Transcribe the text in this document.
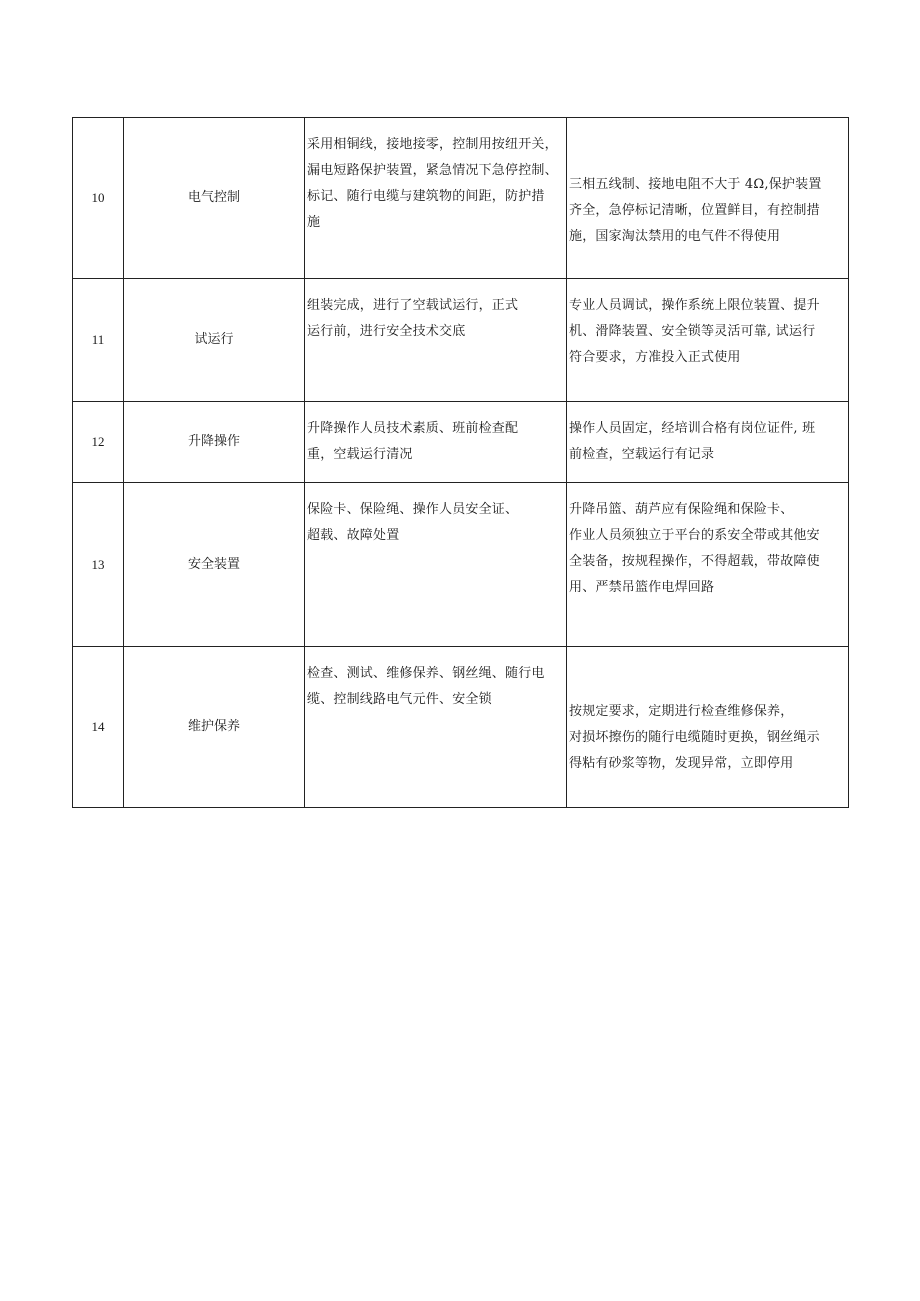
10	电气控制	采用相铜线，接地接零，控制用按纽开关，
漏电短路保护装置，紧急情况下急停控制、
标记、随行电缆与建筑物的间距，防护措
施	三相五线制、接地电阻不大于 4Ω,保护装置
齐全，急停标记清晰，位置鲜目，有控制措
施，国家淘汰禁用的电气件不得使用

11	试运行	组装完成，进行了空载试运行，正式
运行前，进行安全技术交底	专业人员调试，操作系统上限位装置、提升
机、滑降装置、安全锁等灵活可靠, 试运行
符合要求，方准投入正式使用

12	升降操作	升降操作人员技术素质、班前检查配
重，空载运行清况	操作人员固定，经培训合格有岗位证件, 班
前检查，空载运行有记录

13	安全装置	保险卡、保险绳、操作人员安全证、
超载、故障处置	升降吊篮、葫芦应有保险绳和保险卡、
作业人员须独立于平台的系安全带或其他安
全装备，按规程操作，不得超载，带故障使
用、严禁吊篮作电焊回路

14	维护保养	检查、测试、维修保养、钢丝绳、随行电
缆、控制线路电气元件、安全锁	按规定要求，定期进行检查维修保养，
对损坏擦伤的随行电缆随时更换，钢丝绳示
得粘有砂浆等物，发现异常，立即停用
